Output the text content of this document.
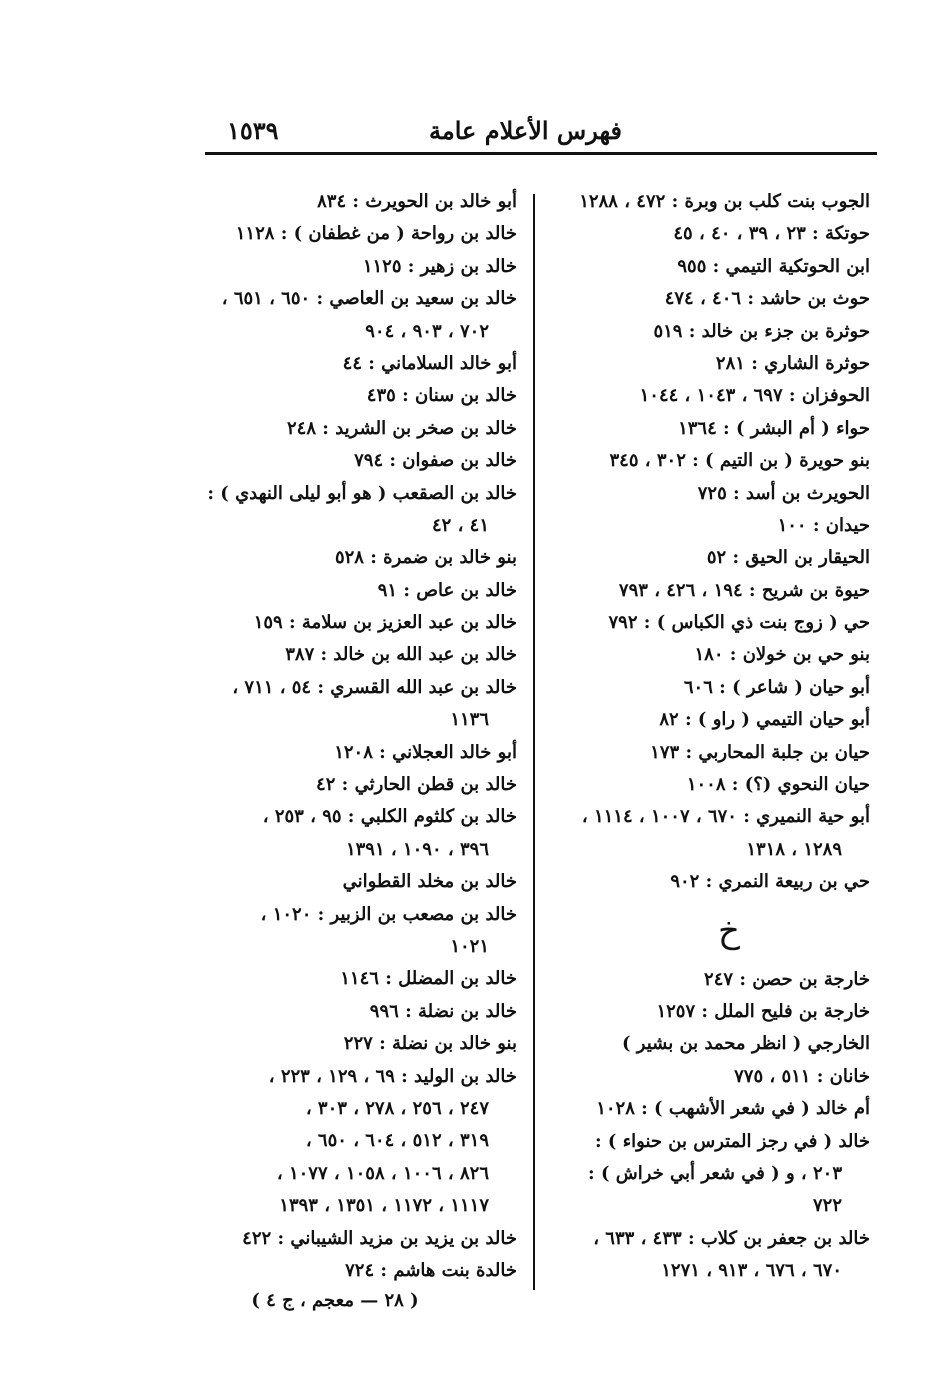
فهرس الأعلام عامة
١٥٣٩
الجوب بنت كلب بن وبرة : ٤٧٢ ، ١٢٨٨
حوتكة : ٢٣ ، ٣٩ ، ٤٠ ، ٤٥
ابن الحوتكية التيمي : ٩٥٥
حوث بن حاشد : ٤٠٦ ، ٤٧٤
حوثرة بن جزء بن خالد : ٥١٩
حوثرة الشاري : ٢٨١
الحوفزان : ٦٩٧ ، ١٠٤٣ ، ١٠٤٤
حواء ( أم البشر ) : ١٣٦٤
بنو حويرة ( بن التيم ) : ٣٠٢ ، ٣٤٥
الحويرث بن أسد : ٧٢٥
حيدان : ١٠٠
الحيقار بن الحيق : ٥٢
حيوة بن شريح : ١٩٤ ، ٤٢٦ ، ٧٩٣
حي ( زوج بنت ذي الكباس ) : ٧٩٢
بنو حي بن خولان : ١٨٠
أبو حيان ( شاعر ) : ٦٠٦
أبو حيان التيمي ( راو ) : ٨٢
حيان بن جلبة المحاربي : ١٧٣
حيان النحوي (؟) : ١٠٠٨
أبو حية النميري : ٦٧٠ ، ١٠٠٧ ، ١١١٤ ،
١٢٨٩ ، ١٣١٨
حي بن ربيعة النمري : ٩٠٢
خ
خارجة بن حصن : ٢٤٧
خارجة بن فليح الملل : ١٢٥٧
الخارجي ( انظر محمد بن بشير )
خانان : ٥١١ ، ٧٧٥
أم خالد ( في شعر الأشهب ) : ١٠٢٨
خالد ( في رجز المترس بن حنواء ) :
٢٠٣ ، و ( في شعر أبي خراش ) :
٧٢٢
خالد بن جعفر بن كلاب : ٤٣٣ ، ٦٣٣ ،
٦٧٠ ، ٦٧٦ ، ٩١٣ ، ١٢٧١
أبو خالد بن الحويرث : ٨٣٤
خالد بن رواحة ( من غطفان ) : ١١٢٨
خالد بن زهير : ١١٢٥
خالد بن سعيد بن العاصي : ٦٥٠ ، ٦٥١ ،
٧٠٢ ، ٩٠٣ ، ٩٠٤
أبو خالد السلاماني : ٤٤
خالد بن سنان : ٤٣٥
خالد بن صخر بن الشريد : ٢٤٨
خالد بن صفوان : ٧٩٤
خالد بن الصقعب ( هو أبو ليلى النهدي ) :
٤١ ، ٤٢
بنو خالد بن ضمرة : ٥٢٨
خالد بن عاص : ٩١
خالد بن عبد العزيز بن سلامة : ١٥٩
خالد بن عبد الله بن خالد : ٣٨٧
خالد بن عبد الله القسري : ٥٤ ، ٧١١ ،
١١٣٦
أبو خالد العجلاني : ١٢٠٨
خالد بن قطن الحارثي : ٤٢
خالد بن كلثوم الكلبي : ٩٥ ، ٢٥٣ ،
٣٩٦ ، ١٠٩٠ ، ١٣٩١
خالد بن مخلد القطواني
خالد بن مصعب بن الزبير : ١٠٢٠ ،
١٠٢١
خالد بن المضلل : ١١٤٦
خالد بن نضلة : ٩٩٦
بنو خالد بن نضلة : ٢٢٧
خالد بن الوليد : ٦٩ ، ١٢٩ ، ٢٢٣ ،
٢٤٧ ، ٢٥٦ ، ٢٧٨ ، ٣٠٣ ،
٣١٩ ، ٥١٢ ، ٦٠٤ ، ٦٥٠ ،
٨٢٦ ، ١٠٠٦ ، ١٠٥٨ ، ١٠٧٧ ،
١١١٧ ، ١١٧٢ ، ١٣٥١ ، ١٣٩٣
خالد بن يزيد بن مزيد الشيباني : ٤٢٢
خالدة بنت هاشم : ٧٢٤
( ٢٨ — معجم ، ج ٤ )
